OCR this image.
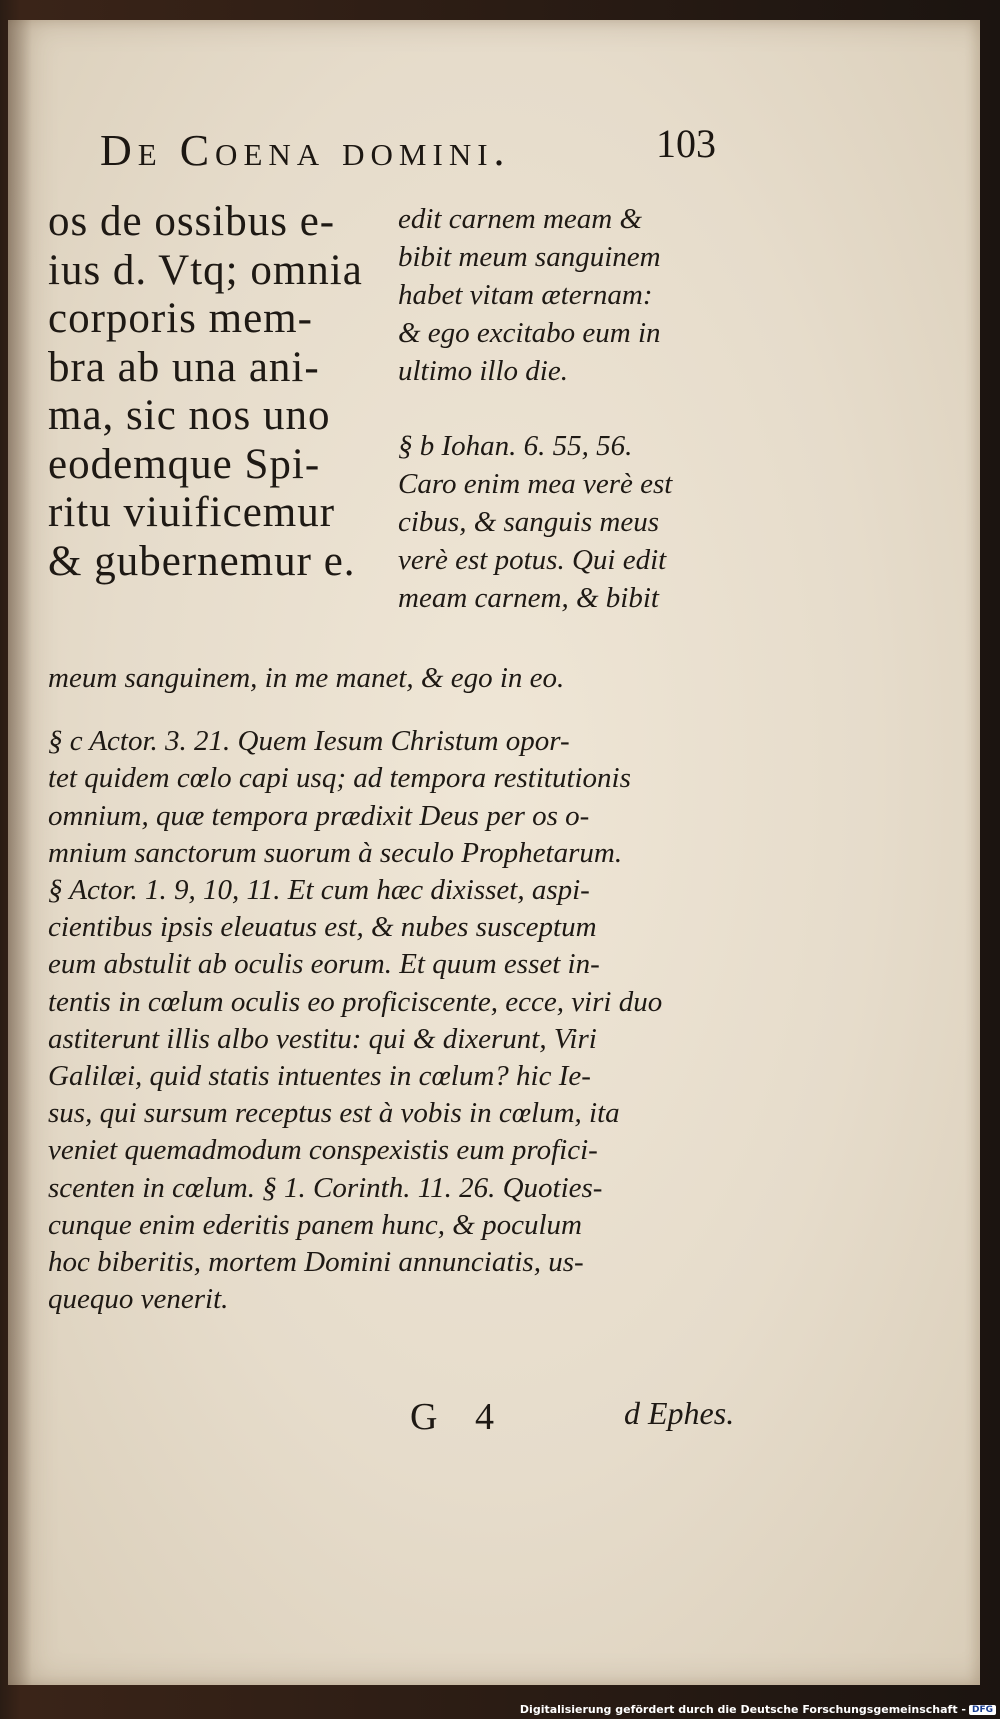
De Coena domini.	103
os de ossibus e-
ius d. Vtq; omnia
corporis mem-
bra ab una ani-
ma, sic nos uno
eodemque Spi-
ritu viuificemur
& gubernemur e.
edit carnem meam &
bibit meum sanguinem
habet vitam æternam:
& ego excitabo eum in
ultimo illo die.
§ b Iohan. 6. 55, 56.
Caro enim mea verè est
cibus, & sanguis meus
verè est potus. Qui edit
meam carnem, & bibit
meum sanguinem, in me manet, & ego in eo.
§ c Actor. 3. 21. Quem Iesum Christum opor-
tet quidem cœlo capi usq; ad tempora restitutionis
omnium, quæ tempora prædixit Deus per os o-
mnium sanctorum suorum à seculo Prophetarum.
§ Actor. 1. 9, 10, 11. Et cum hæc dixisset, aspi-
cientibus ipsis eleuatus est, & nubes susceptum
eum abstulit ab oculis eorum. Et quum esset in-
tentis in cœlum oculis eo proficiscente, ecce, viri duo
astiterunt illis albo vestitu: qui & dixerunt, Viri
Galilæi, quid statis intuentes in cœlum? hic Ie-
sus, qui sursum receptus est à vobis in cœlum, ita
veniet quemadmodum conspexistis eum profici-
scenten in cœlum. § 1. Corinth. 11. 26. Quoties-
cunque enim ederitis panem hunc, & poculum
hoc biberitis, mortem Domini annunciatis, us-
quequo venerit.
G 4	d Ephes.
Digitalisierung gefördert durch die Deutsche Forschungsgemeinschaft - DFG
